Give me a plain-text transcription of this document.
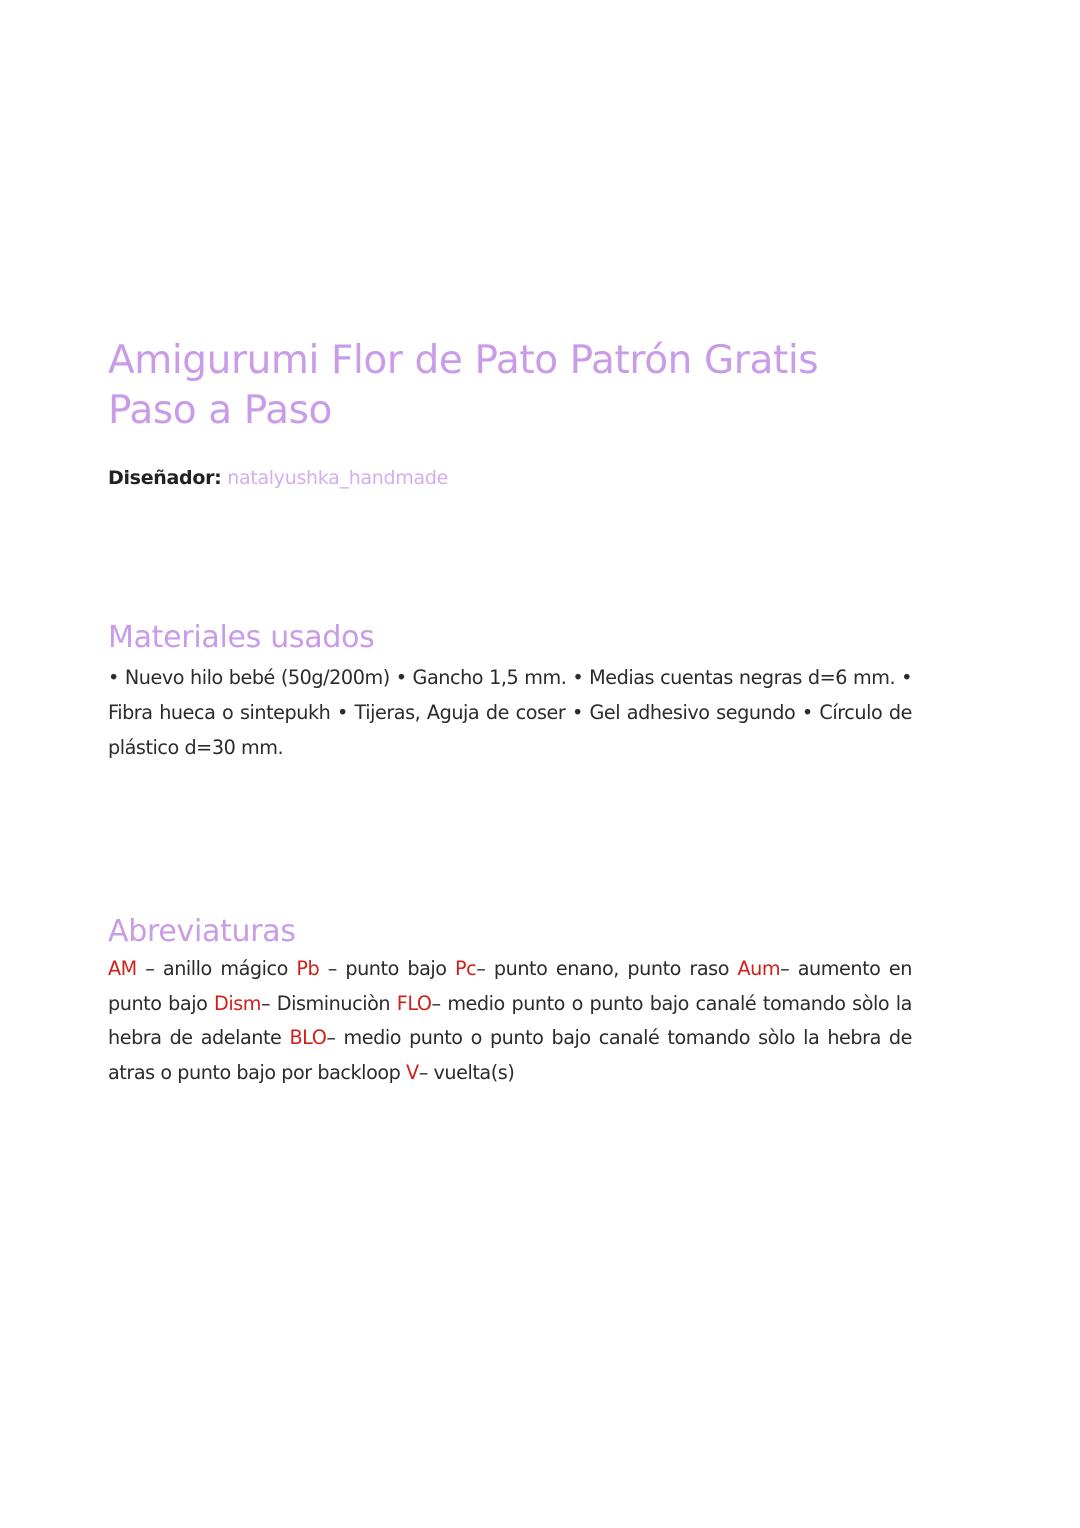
Amigurumi Flor de Pato Patrón Gratis Paso a Paso

Diseñador: natalyushka_handmade

Materiales usados

• Nuevo hilo bebé (50g/200m) • Gancho 1,5 mm. • Medias cuentas negras d=6 mm. • Fibra hueca o sintepukh • Tijeras, Aguja de coser • Gel adhesivo segundo • Círculo de plástico d=30 mm.

Abreviaturas

AM – anillo mágico Pb – punto bajo Pc– punto enano, punto raso Aum– aumento en punto bajo Dism– Disminuciòn FLO– medio punto o punto bajo canalé tomando sòlo la hebra de adelante BLO– medio punto o punto bajo canalé tomando sòlo la hebra de atras o punto bajo por backloop V– vuelta(s)
